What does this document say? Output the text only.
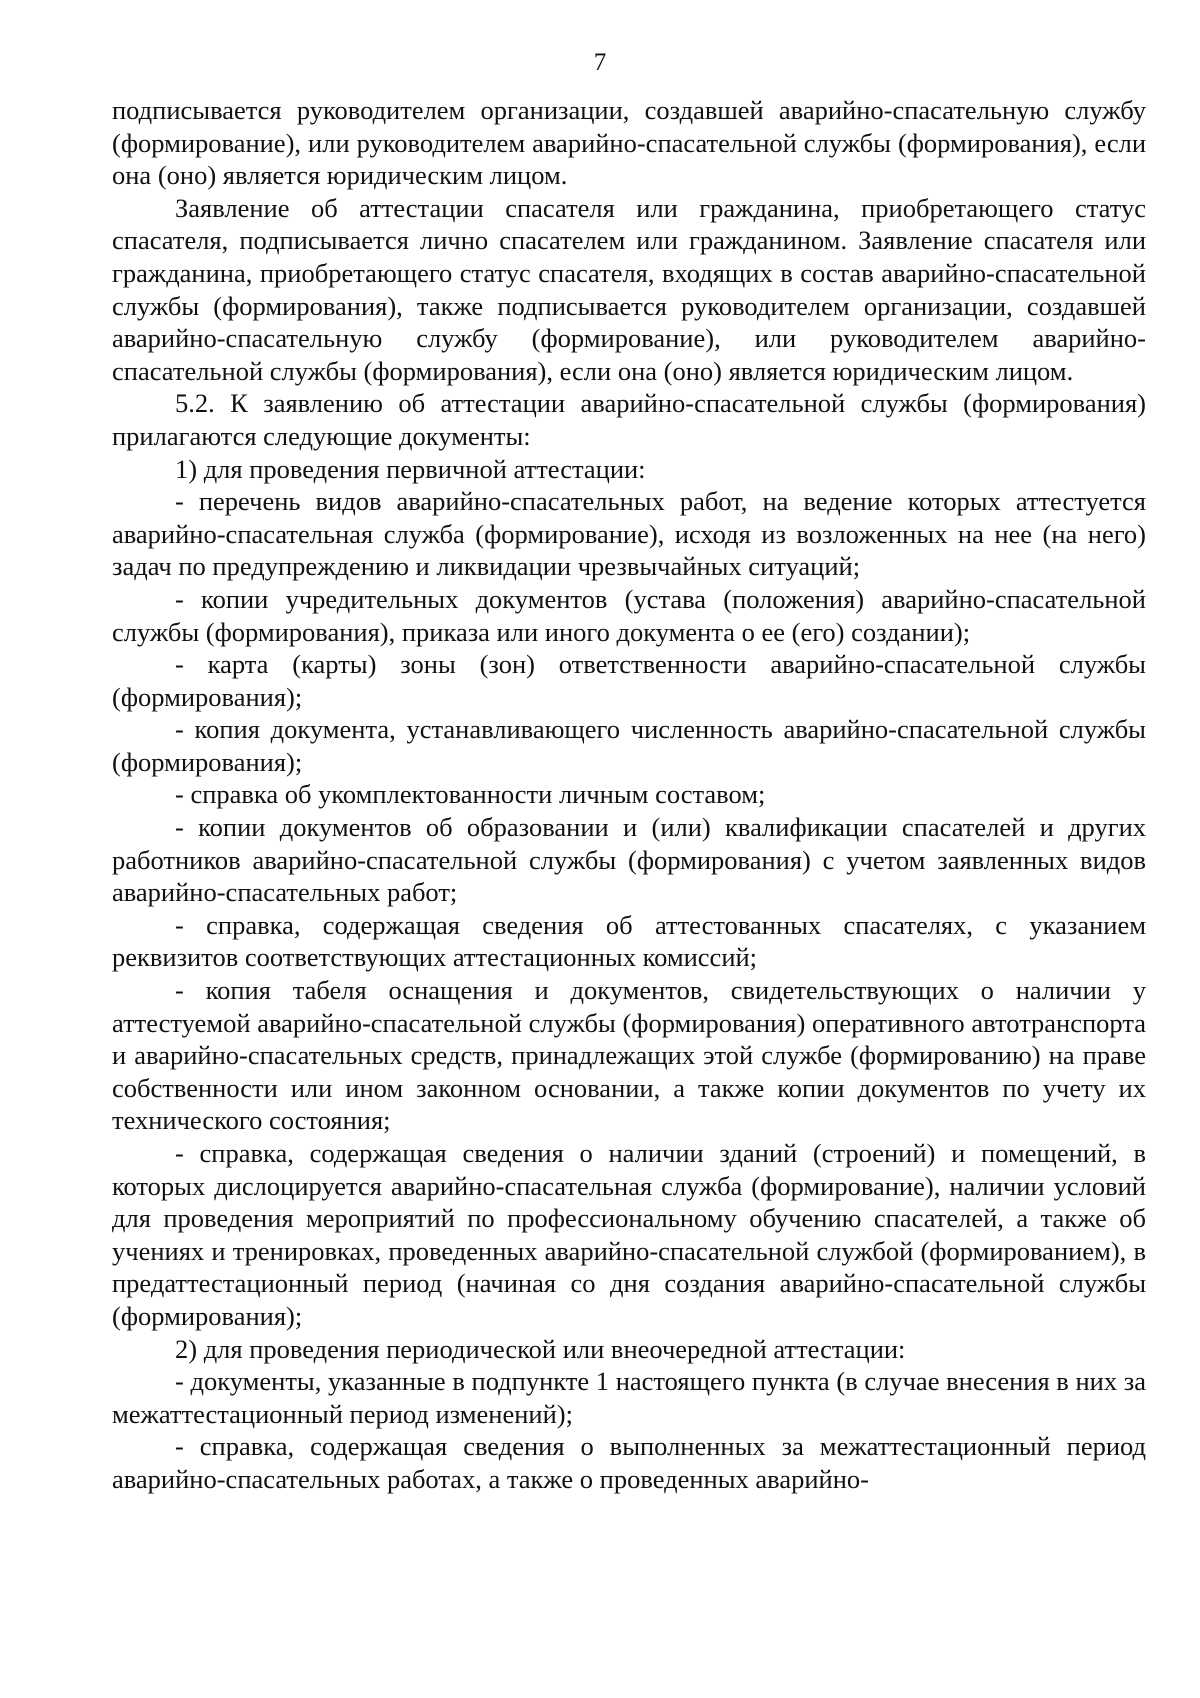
7

подписывается руководителем организации, создавшей аварийно-спасательную службу (формирование), или руководителем аварийно-спасательной службы (формирования), если она (оно) является юридическим лицом.

Заявление об аттестации спасателя или гражданина, приобретающего статус спасателя, подписывается лично спасателем или гражданином. Заявление спасателя или гражданина, приобретающего статус спасателя, входящих в состав аварийно-спасательной службы (формирования), также подписывается руководителем организации, создавшей аварийно-спасательную службу (формирование), или руководителем аварийно-спасательной службы (формирования), если она (оно) является юридическим лицом.

5.2. К заявлению об аттестации аварийно-спасательной службы (формирования) прилагаются следующие документы:

1) для проведения первичной аттестации:

- перечень видов аварийно-спасательных работ, на ведение которых аттестуется аварийно-спасательная служба (формирование), исходя из возложенных на нее (на него) задач по предупреждению и ликвидации чрезвычайных ситуаций;

- копии учредительных документов (устава (положения) аварийно-спасательной службы (формирования), приказа или иного документа о ее (его) создании);

- карта (карты) зоны (зон) ответственности аварийно-спасательной службы (формирования);

- копия документа, устанавливающего численность аварийно-спасательной службы (формирования);

- справка об укомплектованности личным составом;

- копии документов об образовании и (или) квалификации спасателей и других работников аварийно-спасательной службы (формирования) с учетом заявленных видов аварийно-спасательных работ;

- справка, содержащая сведения об аттестованных спасателях, с указанием реквизитов соответствующих аттестационных комиссий;

- копия табеля оснащения и документов, свидетельствующих о наличии у аттестуемой аварийно-спасательной службы (формирования) оперативного автотранспорта и аварийно-спасательных средств, принадлежащих этой службе (формированию) на праве собственности или ином законном основании, а также копии документов по учету их технического состояния;

- справка, содержащая сведения о наличии зданий (строений) и помещений, в которых дислоцируется аварийно-спасательная служба (формирование), наличии условий для проведения мероприятий по профессиональному обучению спасателей, а также об учениях и тренировках, проведенных аварийно-спасательной службой (формированием), в предаттестационный период (начиная со дня создания аварийно-спасательной службы (формирования);

2) для проведения периодической или внеочередной аттестации:

- документы, указанные в подпункте 1 настоящего пункта (в случае внесения в них за межаттестационный период изменений);

- справка, содержащая сведения о выполненных за межаттестационный период аварийно-спасательных работах, а также о проведенных аварийно-
